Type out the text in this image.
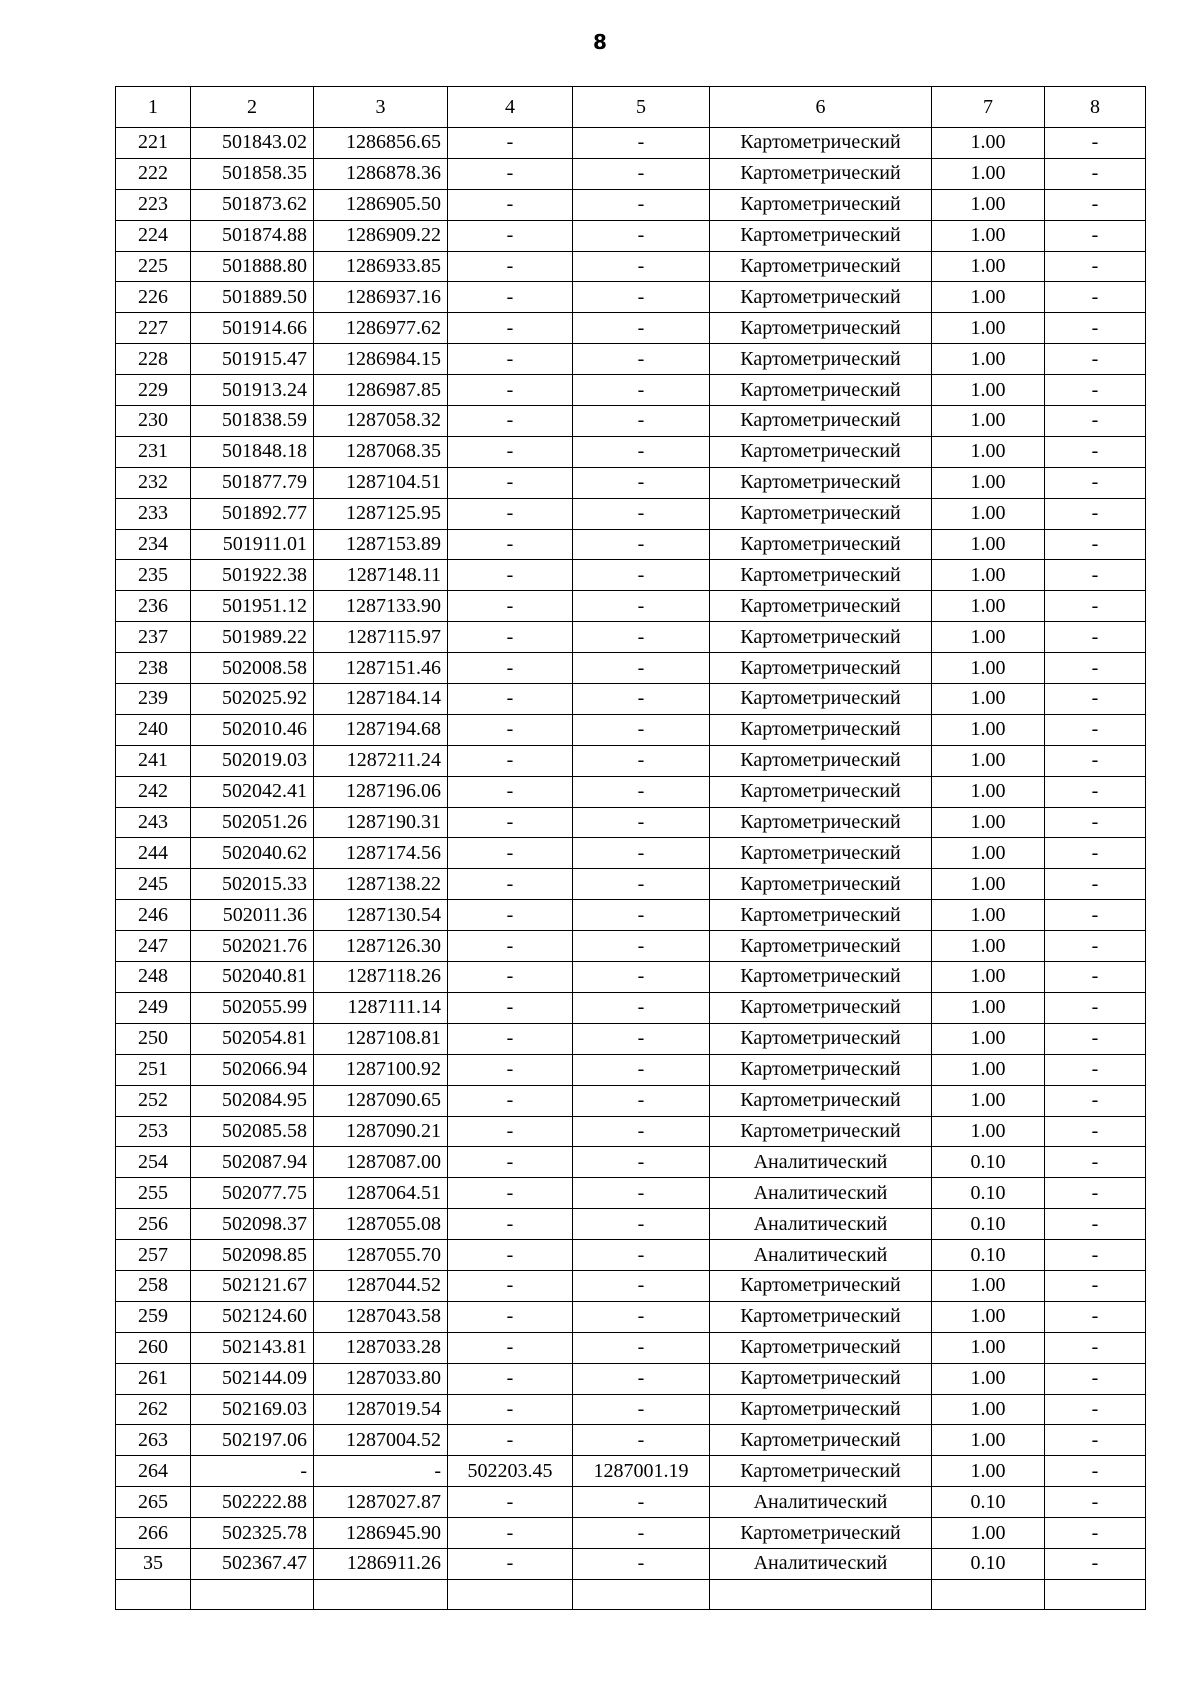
8
1	2	3	4	5	6	7	8
221	501843.02	1286856.65	-	-	Картометрический	1.00	-
222	501858.35	1286878.36	-	-	Картометрический	1.00	-
223	501873.62	1286905.50	-	-	Картометрический	1.00	-
224	501874.88	1286909.22	-	-	Картометрический	1.00	-
225	501888.80	1286933.85	-	-	Картометрический	1.00	-
226	501889.50	1286937.16	-	-	Картометрический	1.00	-
227	501914.66	1286977.62	-	-	Картометрический	1.00	-
228	501915.47	1286984.15	-	-	Картометрический	1.00	-
229	501913.24	1286987.85	-	-	Картометрический	1.00	-
230	501838.59	1287058.32	-	-	Картометрический	1.00	-
231	501848.18	1287068.35	-	-	Картометрический	1.00	-
232	501877.79	1287104.51	-	-	Картометрический	1.00	-
233	501892.77	1287125.95	-	-	Картометрический	1.00	-
234	501911.01	1287153.89	-	-	Картометрический	1.00	-
235	501922.38	1287148.11	-	-	Картометрический	1.00	-
236	501951.12	1287133.90	-	-	Картометрический	1.00	-
237	501989.22	1287115.97	-	-	Картометрический	1.00	-
238	502008.58	1287151.46	-	-	Картометрический	1.00	-
239	502025.92	1287184.14	-	-	Картометрический	1.00	-
240	502010.46	1287194.68	-	-	Картометрический	1.00	-
241	502019.03	1287211.24	-	-	Картометрический	1.00	-
242	502042.41	1287196.06	-	-	Картометрический	1.00	-
243	502051.26	1287190.31	-	-	Картометрический	1.00	-
244	502040.62	1287174.56	-	-	Картометрический	1.00	-
245	502015.33	1287138.22	-	-	Картометрический	1.00	-
246	502011.36	1287130.54	-	-	Картометрический	1.00	-
247	502021.76	1287126.30	-	-	Картометрический	1.00	-
248	502040.81	1287118.26	-	-	Картометрический	1.00	-
249	502055.99	1287111.14	-	-	Картометрический	1.00	-
250	502054.81	1287108.81	-	-	Картометрический	1.00	-
251	502066.94	1287100.92	-	-	Картометрический	1.00	-
252	502084.95	1287090.65	-	-	Картометрический	1.00	-
253	502085.58	1287090.21	-	-	Картометрический	1.00	-
254	502087.94	1287087.00	-	-	Аналитический	0.10	-
255	502077.75	1287064.51	-	-	Аналитический	0.10	-
256	502098.37	1287055.08	-	-	Аналитический	0.10	-
257	502098.85	1287055.70	-	-	Аналитический	0.10	-
258	502121.67	1287044.52	-	-	Картометрический	1.00	-
259	502124.60	1287043.58	-	-	Картометрический	1.00	-
260	502143.81	1287033.28	-	-	Картометрический	1.00	-
261	502144.09	1287033.80	-	-	Картометрический	1.00	-
262	502169.03	1287019.54	-	-	Картометрический	1.00	-
263	502197.06	1287004.52	-	-	Картометрический	1.00	-
264	-	-	502203.45	1287001.19	Картометрический	1.00	-
265	502222.88	1287027.87	-	-	Аналитический	0.10	-
266	502325.78	1286945.90	-	-	Картометрический	1.00	-
35	502367.47	1286911.26	-	-	Аналитический	0.10	-
